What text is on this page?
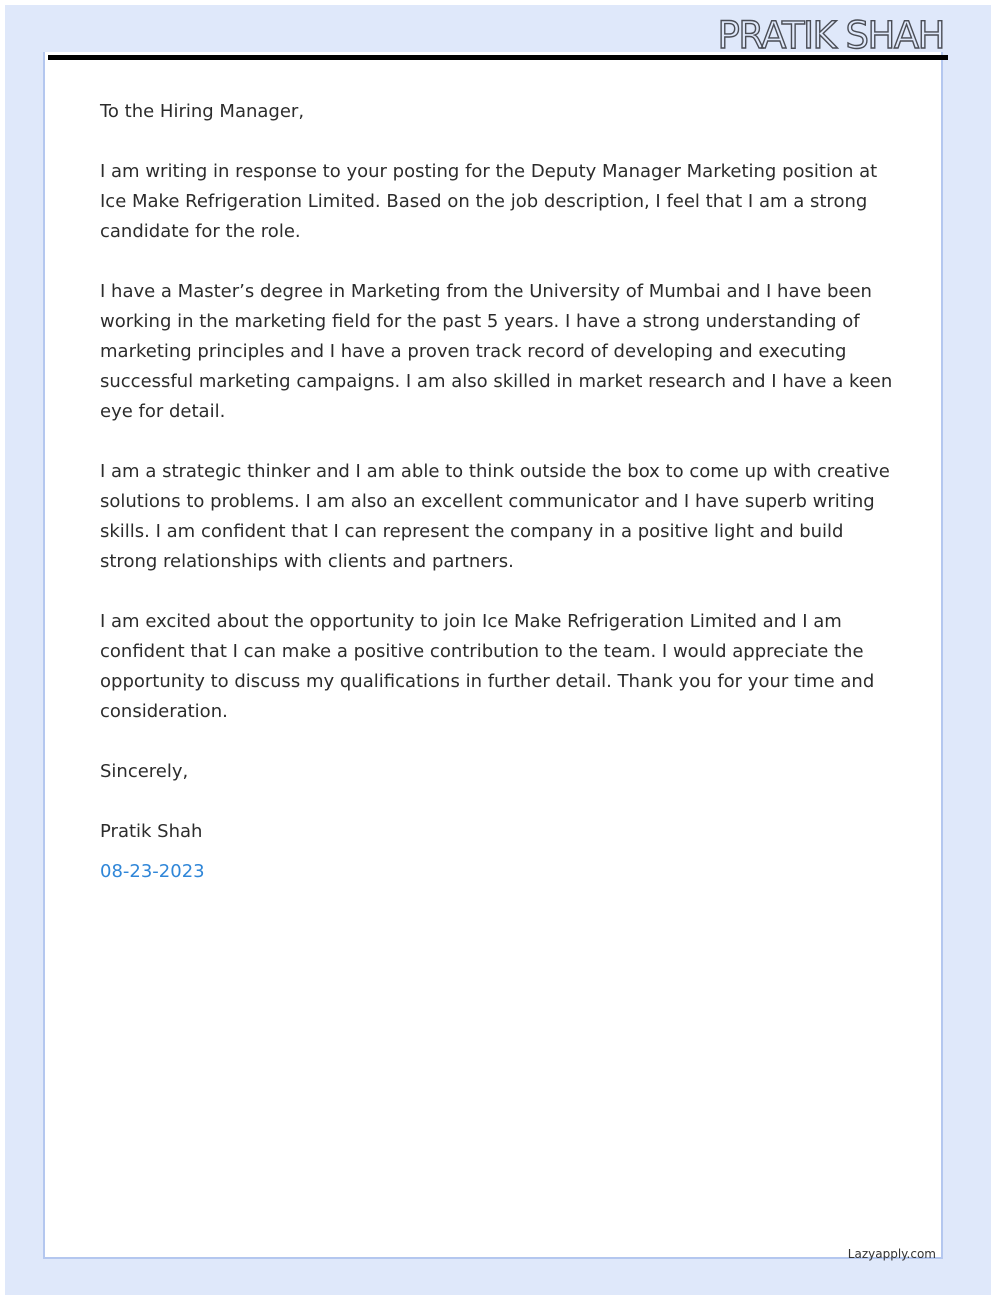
PRATIK SHAH

To the Hiring Manager,

I am writing in response to your posting for the Deputy Manager Marketing position at Ice Make Refrigeration Limited. Based on the job description, I feel that I am a strong candidate for the role.

I have a Master’s degree in Marketing from the University of Mumbai and I have been working in the marketing field for the past 5 years. I have a strong understanding of marketing principles and I have a proven track record of developing and executing successful marketing campaigns. I am also skilled in market research and I have a keen eye for detail.

I am a strategic thinker and I am able to think outside the box to come up with creative solutions to problems. I am also an excellent communicator and I have superb writing skills. I am confident that I can represent the company in a positive light and build strong relationships with clients and partners.

I am excited about the opportunity to join Ice Make Refrigeration Limited and I am confident that I can make a positive contribution to the team. I would appreciate the opportunity to discuss my qualifications in further detail. Thank you for your time and consideration.

Sincerely,

Pratik Shah

08-23-2023

Lazyapply.com
